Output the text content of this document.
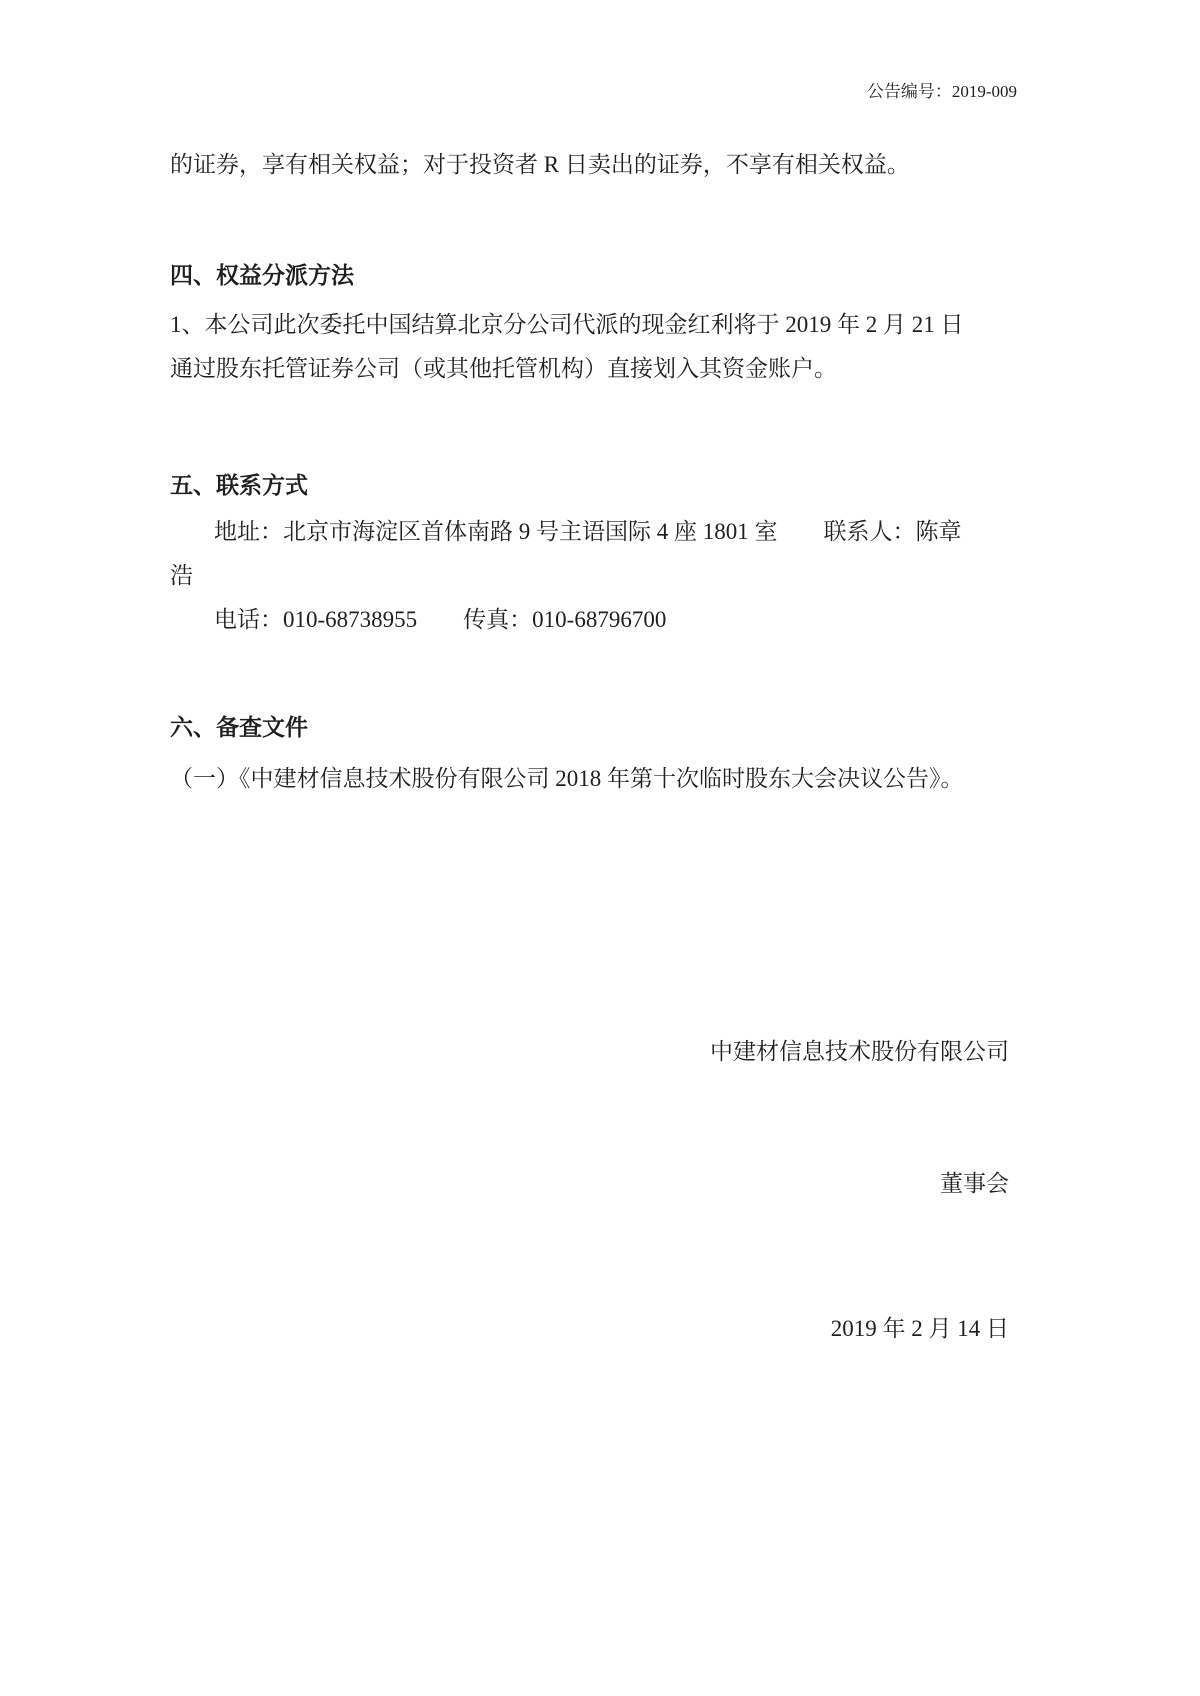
公告编号：2019-009
的证券，享有相关权益；对于投资者 R 日卖出的证券，不享有相关权益。
四、权益分派方法
1、本公司此次委托中国结算北京分公司代派的现金红利将于 2019 年 2 月 21 日
通过股东托管证券公司（或其他托管机构）直接划入其资金账户。
五、联系方式
地址：北京市海淀区首体南路 9 号主语国际 4 座 1801 室        联系人：陈章
浩
电话：010-68738955        传真：010-68796700
六、备查文件
（一）《中建材信息技术股份有限公司 2018 年第十次临时股东大会决议公告》。

中建材信息技术股份有限公司

董事会

2019 年 2 月 14 日
